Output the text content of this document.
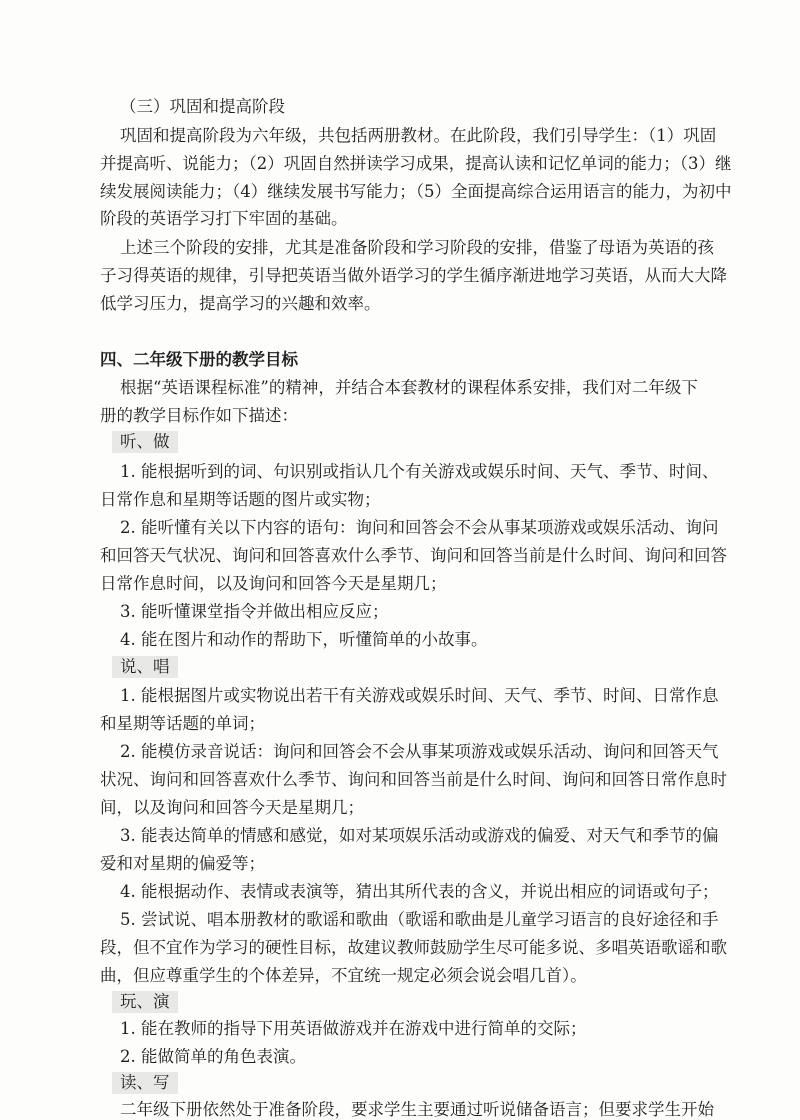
（三）巩固和提高阶段
巩固和提高阶段为六年级，共包括两册教材。在此阶段，我们引导学生：（1）巩固
并提高听、说能力；（2）巩固自然拼读学习成果，提高认读和记忆单词的能力；（3）继
续发展阅读能力；（4）继续发展书写能力；（5）全面提高综合运用语言的能力，为初中
阶段的英语学习打下牢固的基础。
上述三个阶段的安排，尤其是准备阶段和学习阶段的安排，借鉴了母语为英语的孩
子习得英语的规律，引导把英语当做外语学习的学生循序渐进地学习英语，从而大大降
低学习压力，提高学习的兴趣和效率。
四、二年级下册的教学目标
根据“英语课程标准”的精神，并结合本套教材的课程体系安排，我们对二年级下
册的教学目标作如下描述：
听、做
1. 能根据听到的词、句识别或指认几个有关游戏或娱乐时间、天气、季节、时间、
日常作息和星期等话题的图片或实物；
2. 能听懂有关以下内容的语句：询问和回答会不会从事某项游戏或娱乐活动、询问
和回答天气状况、询问和回答喜欢什么季节、询问和回答当前是什么时间、询问和回答
日常作息时间，以及询问和回答今天是星期几；
3. 能听懂课堂指令并做出相应反应；
4. 能在图片和动作的帮助下，听懂简单的小故事。
说、唱
1. 能根据图片或实物说出若干有关游戏或娱乐时间、天气、季节、时间、日常作息
和星期等话题的单词；
2. 能模仿录音说话：询问和回答会不会从事某项游戏或娱乐活动、询问和回答天气
状况、询问和回答喜欢什么季节、询问和回答当前是什么时间、询问和回答日常作息时
间，以及询问和回答今天是星期几；
3. 能表达简单的情感和感觉，如对某项娱乐活动或游戏的偏爱、对天气和季节的偏
爱和对星期的偏爱等；
4. 能根据动作、表情或表演等，猜出其所代表的含义，并说出相应的词语或句子；
5. 尝试说、唱本册教材的歌谣和歌曲（歌谣和歌曲是儿童学习语言的良好途径和手
段，但不宜作为学习的硬性目标，故建议教师鼓励学生尽可能多说、多唱英语歌谣和歌
曲，但应尊重学生的个体差异，不宜统一规定必须会说会唱几首）。
玩、演
1. 能在教师的指导下用英语做游戏并在游戏中进行简单的交际；
2. 能做简单的角色表演。
读、写
二年级下册依然处于准备阶段，要求学生主要通过听说储备语言；但要求学生开始
